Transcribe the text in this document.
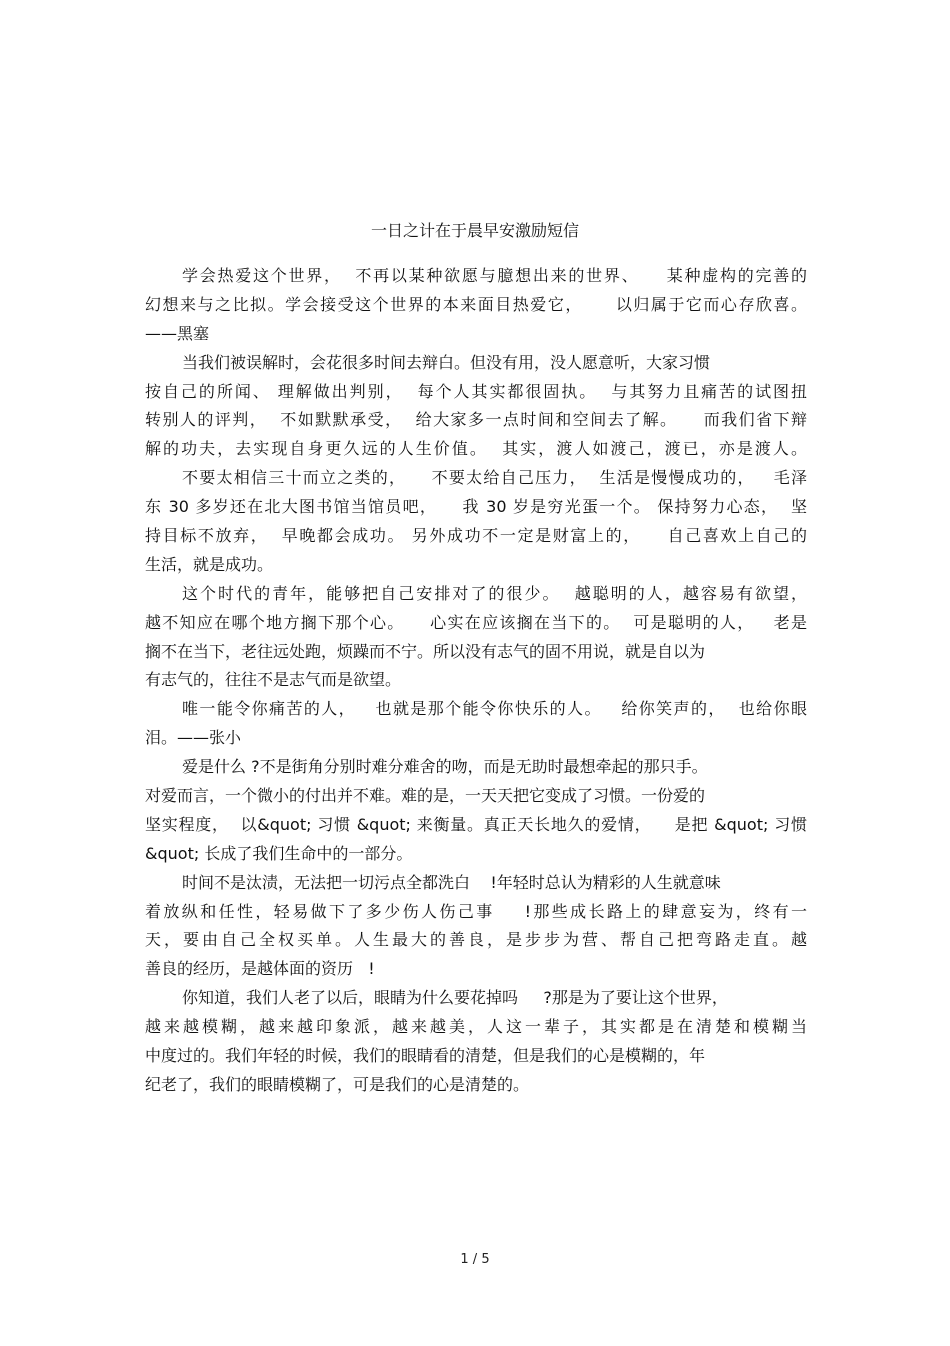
一日之计在于晨早安激励短信
学会热爱这个世界，  不再以某种欲愿与臆想出来的世界、    某种虚构的完善的
幻想来与之比拟。学会接受这个世界的本来面目热爱它，     以归属于它而心存欣喜。
——黑塞
当我们被误解时，会花很多时间去辩白。但没有用，没人愿意听，大家习惯
按自己的所闻、 理解做出判别，  每个人其实都很固执。  与其努力且痛苦的试图扭
转别人的评判，  不如默默承受，  给大家多一点时间和空间去了解。    而我们省下辩
解的功夫，去实现自身更久远的人生价值。  其实，渡人如渡己，渡已，亦是渡人。
不要太相信三十而立之类的，    不要太给自己压力，  生活是慢慢成功的，   毛泽
东 30 多岁还在北大图书馆当馆员吧，    我 30 岁是穷光蛋一个。 保持努力心态，  坚
持目标不放弃，  早晚都会成功。 另外成功不一定是财富上的，    自己喜欢上自己的
生活，就是成功。
这个时代的青年，能够把自己安排对了的很少。  越聪明的人，越容易有欲望，
越不知应在哪个地方搁下那个心。    心实在应该搁在当下的。  可是聪明的人，   老是
搁不在当下，老往远处跑，烦躁而不宁。所以没有志气的固不用说，就是自以为
有志气的，往往不是志气而是欲望。
唯一能令你痛苦的人，   也就是那个能令你快乐的人。   给你笑声的，  也给你眼
泪。——张小
爱是什么 ?不是街角分别时难分难舍的吻，而是无助时最想牵起的那只手。
对爱而言，一个微小的付出并不难。难的是，一天天把它变成了习惯。一份爱的
坚实程度，  以&quot; 习惯 &quot; 来衡量。真正天长地久的爱情，    是把 &quot; 习惯
&quot; 长成了我们生命中的一部分。
时间不是汰渍，无法把一切污点全都洗白    !年轻时总认为精彩的人生就意味
着放纵和任性，轻易做下了多少伤人伤己事    !那些成长路上的肆意妄为，终有一
天，要由自己全权买单。人生最大的善良，是步步为营、帮自己把弯路走直。越
善良的经历，是越体面的资历   !
你知道，我们人老了以后，眼睛为什么要花掉吗     ?那是为了要让这个世界，
越来越模糊，越来越印象派，越来越美，人这一辈子，其实都是在清楚和模糊当
中度过的。我们年轻的时候，我们的眼睛看的清楚，但是我们的心是模糊的，年
纪老了，我们的眼睛模糊了，可是我们的心是清楚的。
1 / 5
